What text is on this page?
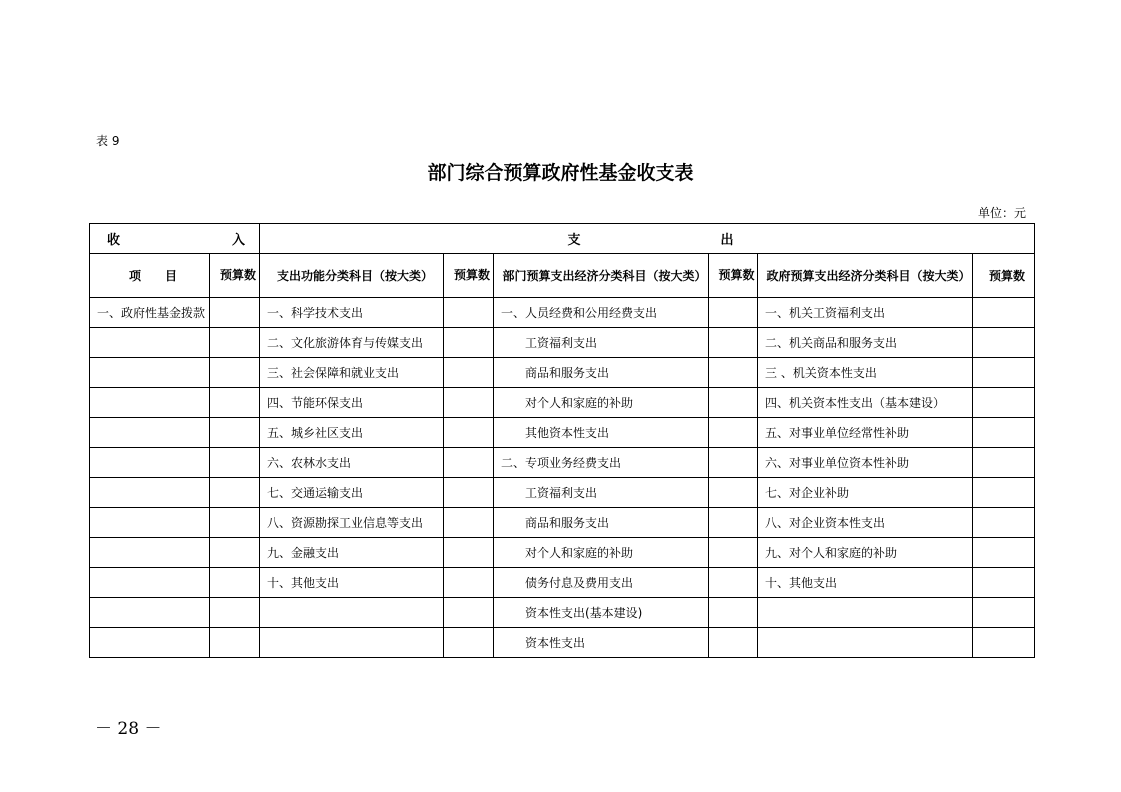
表 9
部门综合预算政府性基金收支表
单位：元
收 入		支 出					

项　　目	预算数	支出功能分类科目（按大类）	预算数	部门预算支出经济分类科目（按大类）	预算数	政府预算支出经济分类科目（按大类）	预算数
一、政府性基金拨款		一、科学技术支出		一、人员经费和公用经费支出		一、机关工资福利支出	
		二、文化旅游体育与传媒支出		工资福利支出		二、机关商品和服务支出	
		三、社会保障和就业支出		商品和服务支出		三 、机关资本性支出	
		四、节能环保支出		对个人和家庭的补助		四、机关资本性支出（基本建设）	
		五、城乡社区支出		其他资本性支出		五、对事业单位经常性补助	
		六、农林水支出		二、专项业务经费支出		六、对事业单位资本性补助	
		七、交通运输支出		工资福利支出		七、对企业补助	
		八、资源勘探工业信息等支出		商品和服务支出		八、对企业资本性支出	
		九、金融支出		对个人和家庭的补助		九、对个人和家庭的补助	
		十、其他支出		债务付息及费用支出		十、其他支出	
				资本性支出(基本建设)			
				资本性支出			
－ 28 －
